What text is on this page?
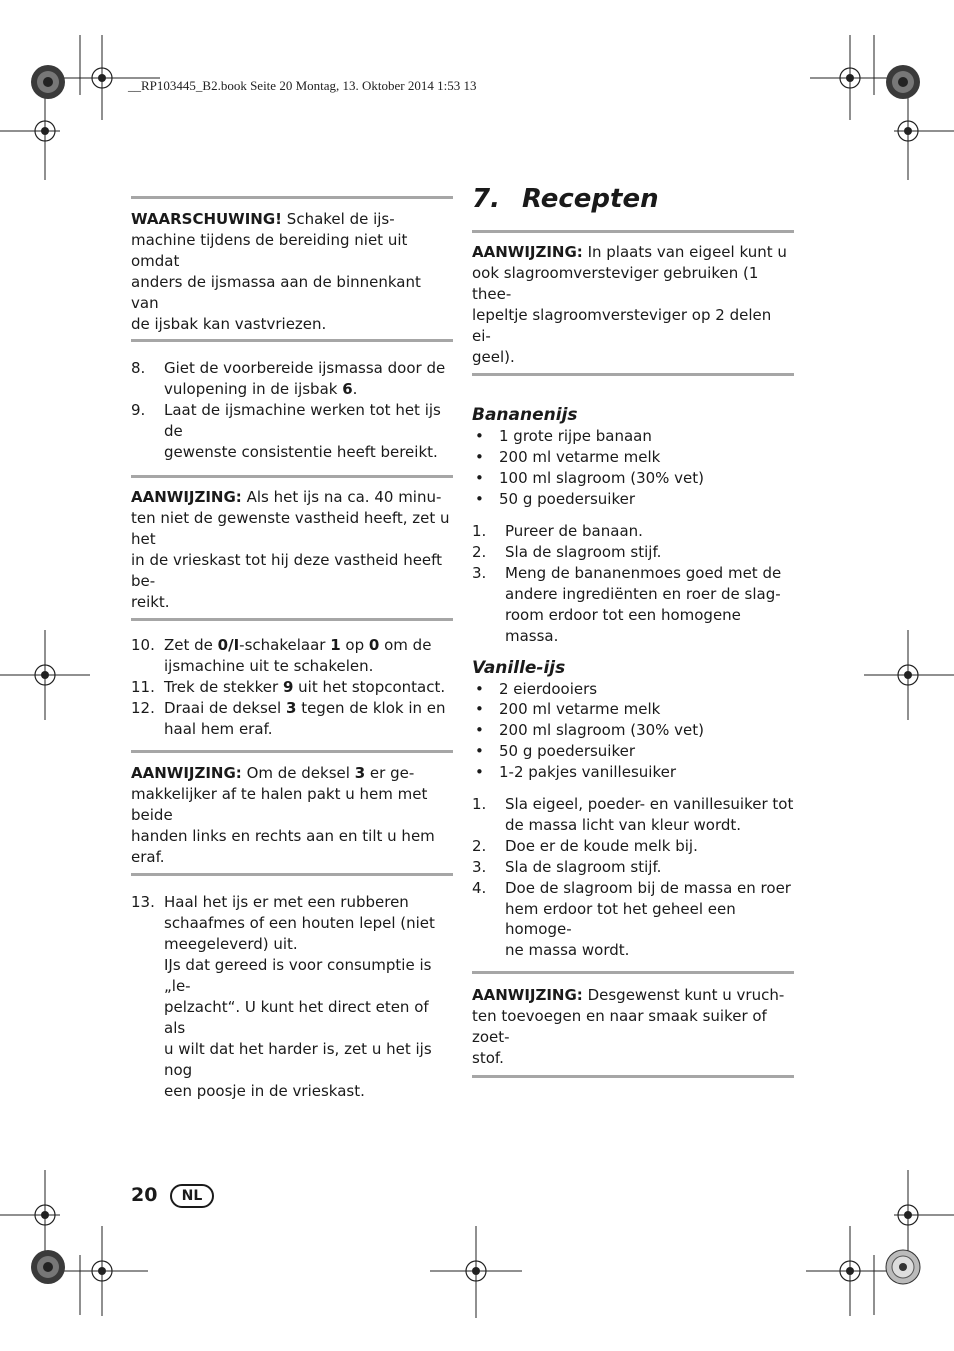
__RP103445_B2.book Seite 20 Montag, 13. Oktober 2014 1:53 13
WAARSCHUWING! Schakel de ijs-
machine tijdens de bereiding niet uit omdat
anders de ijsmassa aan de binnenkant van
de ijsbak kan vastvriezen.
8. Giet de voorbereide ijsmassa door de
vulopening in de ijsbak 6.
9. Laat de ijsmachine werken tot het ijs de
gewenste consistentie heeft bereikt.
AANWIJZING: Als het ijs na ca. 40 minu-
ten niet de gewenste vastheid heeft, zet u het
in de vrieskast tot hij deze vastheid heeft be-
reikt.
10. Zet de 0/I-schakelaar 1 op 0 om de
ijsmachine uit te schakelen.
11. Trek de stekker 9 uit het stopcontact.
12. Draai de deksel 3 tegen de klok in en
haal hem eraf.
AANWIJZING: Om de deksel 3 er ge-
makkelijker af te halen pakt u hem met beide
handen links en rechts aan en tilt u hem eraf.
13. Haal het ijs er met een rubberen
schaafmes of een houten lepel (niet
meegeleverd) uit.
IJs dat gereed is voor consumptie is „le-
pelzacht“. U kunt het direct eten of als
u wilt dat het harder is, zet u het ijs nog
een poosje in de vrieskast.
7. Recepten
AANWIJZING: In plaats van eigeel kunt u
ook slagroomversteviger gebruiken (1 thee-
lepeltje slagroomversteviger op 2 delen ei-
geel).
Bananenijs
• 1 grote rijpe banaan
• 200 ml vetarme melk
• 100 ml slagroom (30% vet)
• 50 g poedersuiker
1. Pureer de banaan.
2. Sla de slagroom stijf.
3. Meng de bananenmoes goed met de
andere ingrediënten en roer de slag-
room erdoor tot een homogene massa.
Vanille-ijs
• 2 eierdooiers
• 200 ml vetarme melk
• 200 ml slagroom (30% vet)
• 50 g poedersuiker
• 1-2 pakjes vanillesuiker
1. Sla eigeel, poeder- en vanillesuiker tot
de massa licht van kleur wordt.
2. Doe er de koude melk bij.
3. Sla de slagroom stijf.
4. Doe de slagroom bij de massa en roer
hem erdoor tot het geheel een homoge-
ne massa wordt.
AANWIJZING: Desgewenst kunt u vruch-
ten toevoegen en naar smaak suiker of zoet-
stof.
20	NL
